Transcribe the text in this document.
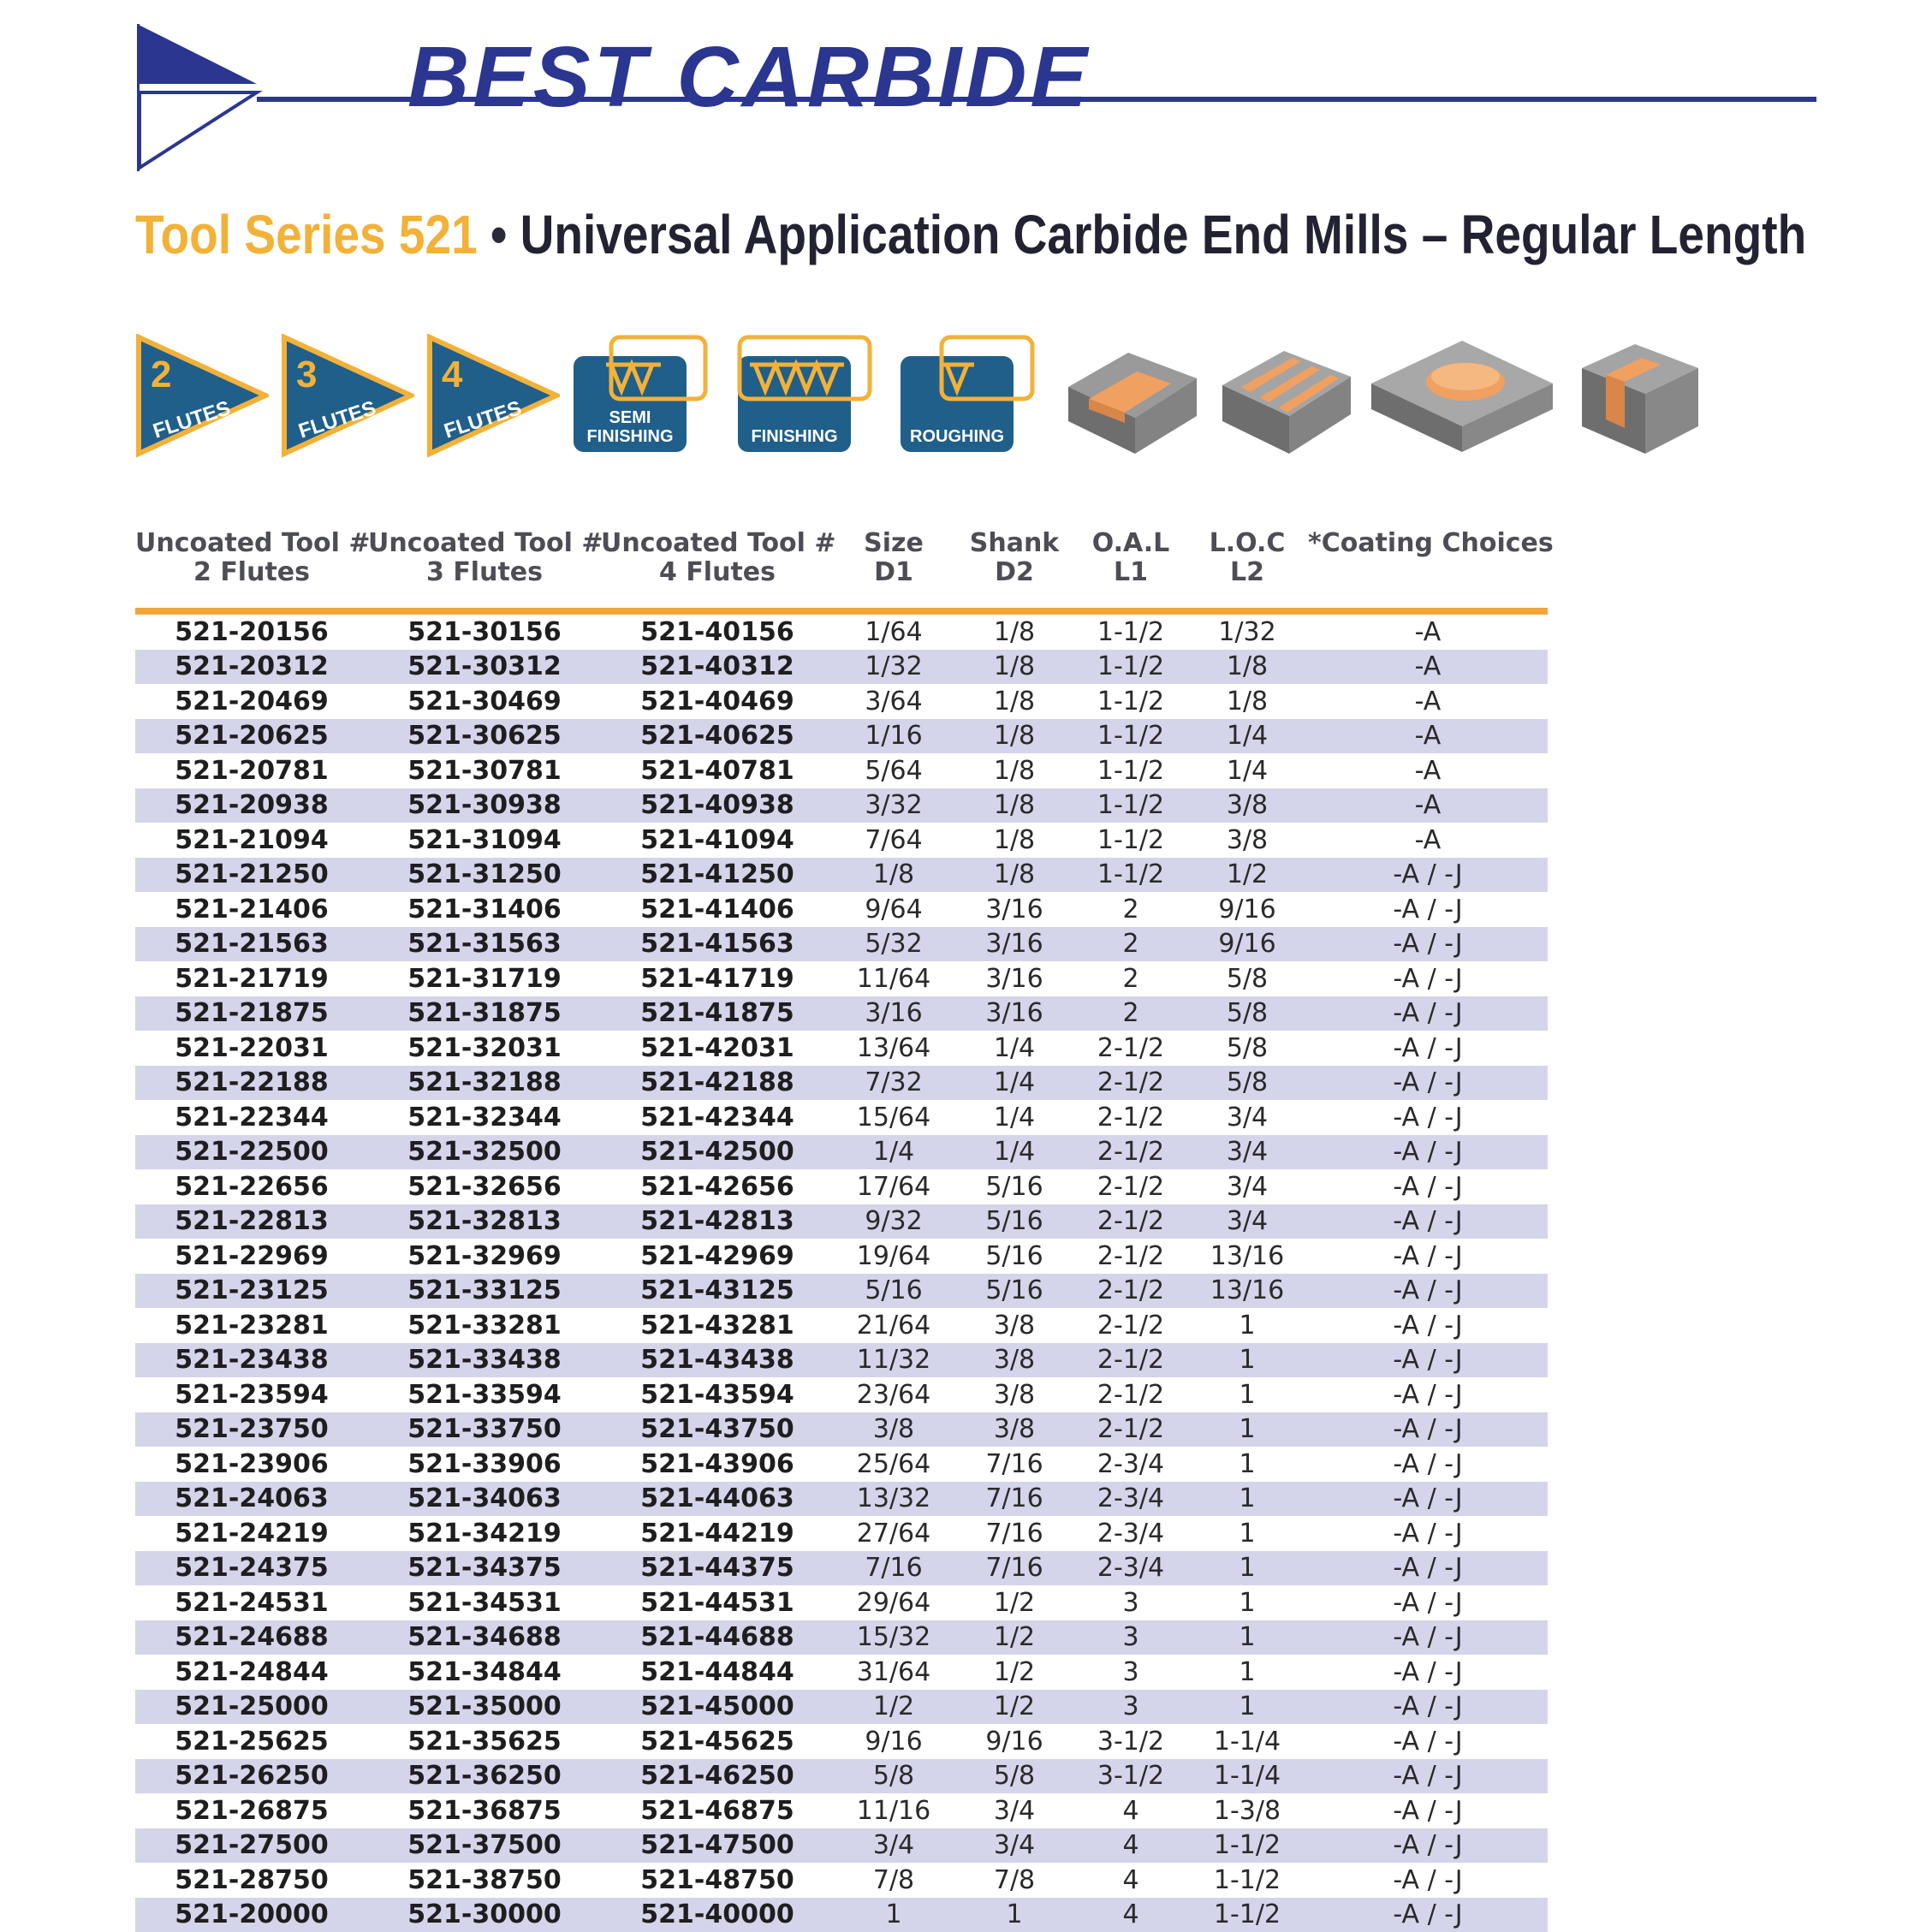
BEST CARBIDE
Tool Series 521 • Universal Application Carbide End Mills – Regular Length
2
FLUTES
3
FLUTES
4
FLUTES	SEMI
FINISHING	FINISHING	ROUGHING
Uncoated Tool #
2 Flutes
Uncoated Tool #
3 Flutes
Uncoated Tool #
4 Flutes
Size
D1
Shank
D2
O.A.L
L1
L.O.C
L2
*Coating Choices
521-20156	521-30156	521-40156	1/64	1/8	1-1/2	1/32	-A
521-20312	521-30312	521-40312	1/32	1/8	1-1/2	1/8	-A
521-20469	521-30469	521-40469	3/64	1/8	1-1/2	1/8	-A
521-20625	521-30625	521-40625	1/16	1/8	1-1/2	1/4	-A
521-20781	521-30781	521-40781	5/64	1/8	1-1/2	1/4	-A
521-20938	521-30938	521-40938	3/32	1/8	1-1/2	3/8	-A
521-21094	521-31094	521-41094	7/64	1/8	1-1/2	3/8	-A
521-21250	521-31250	521-41250	1/8	1/8	1-1/2	1/2	-A / -J
521-21406	521-31406	521-41406	9/64	3/16	2	9/16	-A / -J
521-21563	521-31563	521-41563	5/32	3/16	2	9/16	-A / -J
521-21719	521-31719	521-41719	11/64	3/16	2	5/8	-A / -J
521-21875	521-31875	521-41875	3/16	3/16	2	5/8	-A / -J
521-22031	521-32031	521-42031	13/64	1/4	2-1/2	5/8	-A / -J
521-22188	521-32188	521-42188	7/32	1/4	2-1/2	5/8	-A / -J
521-22344	521-32344	521-42344	15/64	1/4	2-1/2	3/4	-A / -J
521-22500	521-32500	521-42500	1/4	1/4	2-1/2	3/4	-A / -J
521-22656	521-32656	521-42656	17/64	5/16	2-1/2	3/4	-A / -J
521-22813	521-32813	521-42813	9/32	5/16	2-1/2	3/4	-A / -J
521-22969	521-32969	521-42969	19/64	5/16	2-1/2	13/16	-A / -J
521-23125	521-33125	521-43125	5/16	5/16	2-1/2	13/16	-A / -J
521-23281	521-33281	521-43281	21/64	3/8	2-1/2	1	-A / -J
521-23438	521-33438	521-43438	11/32	3/8	2-1/2	1	-A / -J
521-23594	521-33594	521-43594	23/64	3/8	2-1/2	1	-A / -J
521-23750	521-33750	521-43750	3/8	3/8	2-1/2	1	-A / -J
521-23906	521-33906	521-43906	25/64	7/16	2-3/4	1	-A / -J
521-24063	521-34063	521-44063	13/32	7/16	2-3/4	1	-A / -J
521-24219	521-34219	521-44219	27/64	7/16	2-3/4	1	-A / -J
521-24375	521-34375	521-44375	7/16	7/16	2-3/4	1	-A / -J
521-24531	521-34531	521-44531	29/64	1/2	3	1	-A / -J
521-24688	521-34688	521-44688	15/32	1/2	3	1	-A / -J
521-24844	521-34844	521-44844	31/64	1/2	3	1	-A / -J
521-25000	521-35000	521-45000	1/2	1/2	3	1	-A / -J
521-25625	521-35625	521-45625	9/16	9/16	3-1/2	1-1/4	-A / -J
521-26250	521-36250	521-46250	5/8	5/8	3-1/2	1-1/4	-A / -J
521-26875	521-36875	521-46875	11/16	3/4	4	1-3/8	-A / -J
521-27500	521-37500	521-47500	3/4	3/4	4	1-1/2	-A / -J
521-28750	521-38750	521-48750	7/8	7/8	4	1-1/2	-A / -J
521-20000	521-30000	521-40000	1	1	4	1-1/2	-A / -J
